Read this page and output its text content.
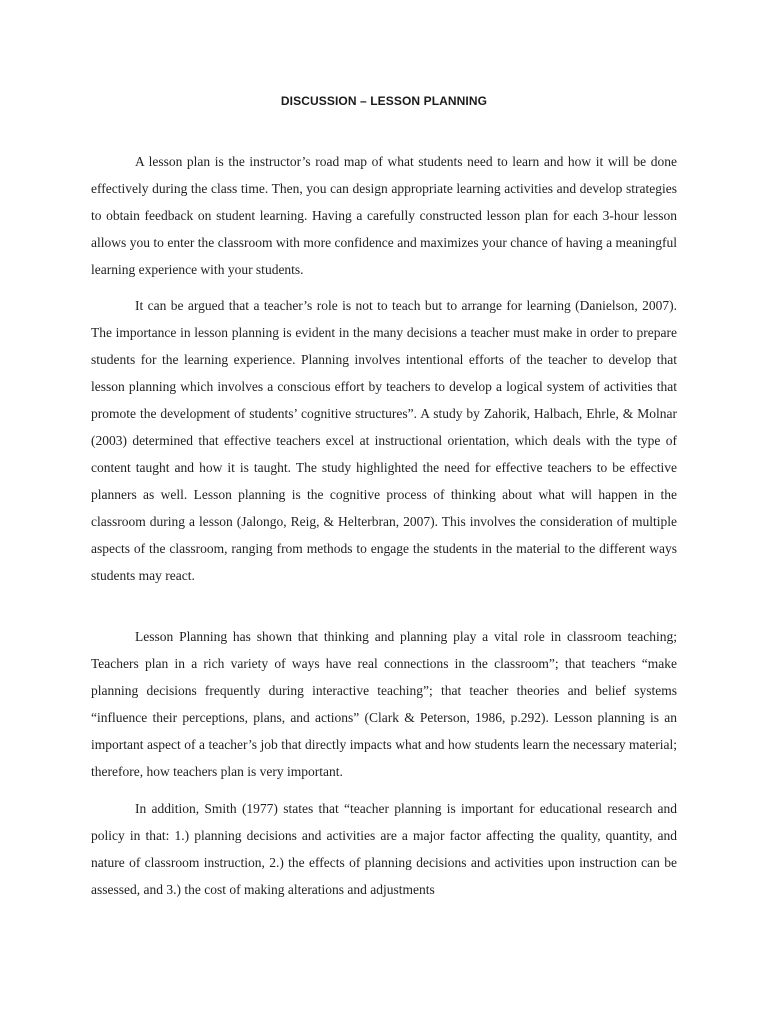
DISCUSSION – LESSON PLANNING

A lesson plan is the instructor’s road map of what students need to learn and how it will be done effectively during the class time. Then, you can design appropriate learning activities and develop strategies to obtain feedback on student learning. Having a carefully constructed lesson plan for each 3-hour lesson allows you to enter the classroom with more confidence and maximizes your chance of having a meaningful learning experience with your students.

It can be argued that a teacher’s role is not to teach but to arrange for learning (Danielson, 2007). The importance in lesson planning is evident in the many decisions a teacher must make in order to prepare students for the learning experience. Planning involves intentional efforts of the teacher to develop that lesson planning which involves a conscious effort by teachers to develop a logical system of activities that promote the development of students’ cognitive structures”. A study by Zahorik, Halbach, Ehrle, & Molnar (2003) determined that effective teachers excel at instructional orientation, which deals with the type of content taught and how it is taught. The study highlighted the need for effective teachers to be effective planners as well. Lesson planning is the cognitive process of thinking about what will happen in the classroom during a lesson (Jalongo, Reig, & Helterbran, 2007). This involves the consideration of multiple aspects of the classroom, ranging from methods to engage the students in the material to the different ways students may react.

Lesson Planning has shown that thinking and planning play a vital role in classroom teaching; Teachers plan in a rich variety of ways have real connections in the classroom”; that teachers “make planning decisions frequently during interactive teaching”; that teacher theories and belief systems “influence their perceptions, plans, and actions” (Clark & Peterson, 1986, p.292). Lesson planning is an important aspect of a teacher’s job that directly impacts what and how students learn the necessary material; therefore, how teachers plan is very important.

In addition, Smith (1977) states that “teacher planning is important for educational research and policy in that: 1.) planning decisions and activities are a major factor affecting the quality, quantity, and nature of classroom instruction, 2.) the effects of planning decisions and activities upon instruction can be assessed, and 3.) the cost of making alterations and adjustments
